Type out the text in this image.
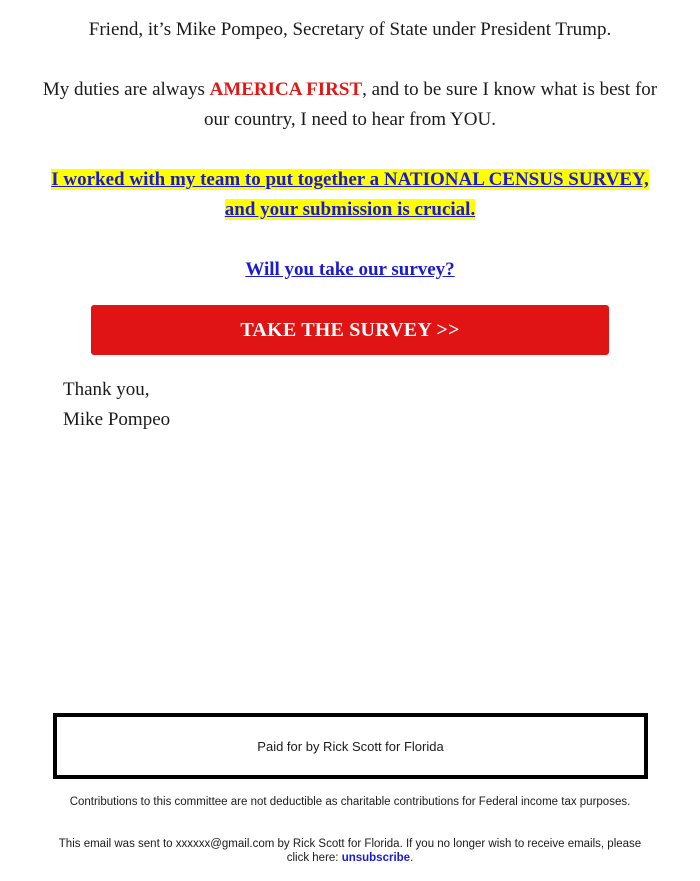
Friend, it’s Mike Pompeo, Secretary of State under President Trump.

My duties are always AMERICA FIRST, and to be sure I know what is best for our country, I need to hear from YOU.

I worked with my team to put together a NATIONAL CENSUS SURVEY, and your submission is crucial.

Will you take our survey?

TAKE THE SURVEY >>
Thank you,
Mike Pompeo
Paid for by Rick Scott for Florida
Contributions to this committee are not deductible as charitable contributions for Federal income tax purposes.
This email was sent to xxxxxx@gmail.com by Rick Scott for Florida. If you no longer wish to receive emails, please click here: unsubscribe.
